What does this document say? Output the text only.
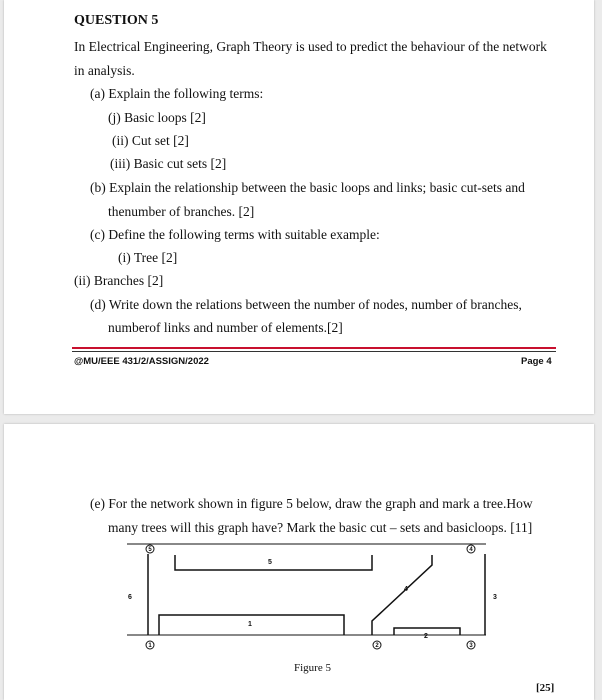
QUESTION 5
In Electrical Engineering, Graph Theory is used to predict the behaviour of the network
in analysis.
(a) Explain the following terms:
(j) Basic loops [2]
(ii) Cut set [2]
(iii) Basic cut sets [2]
(b) Explain the relationship between the basic loops and links; basic cut-sets and
thenumber of branches. [2]
(c) Define the following terms with suitable example:
(i) Tree [2]
(ii) Branches [2]
(d) Write down the relations between the number of nodes, number of branches,
numberof links and number of elements.[2]
@MU/EEE 431/2/ASSIGN/2022	Page 4
(e) For the network shown in figure 5 below, draw the graph and mark a tree.How
many trees will this graph have? Mark the basic cut – sets and basicloops. [11]
5	4
1	2	3
5
6
4
3
1
2
Figure 5
[25]
